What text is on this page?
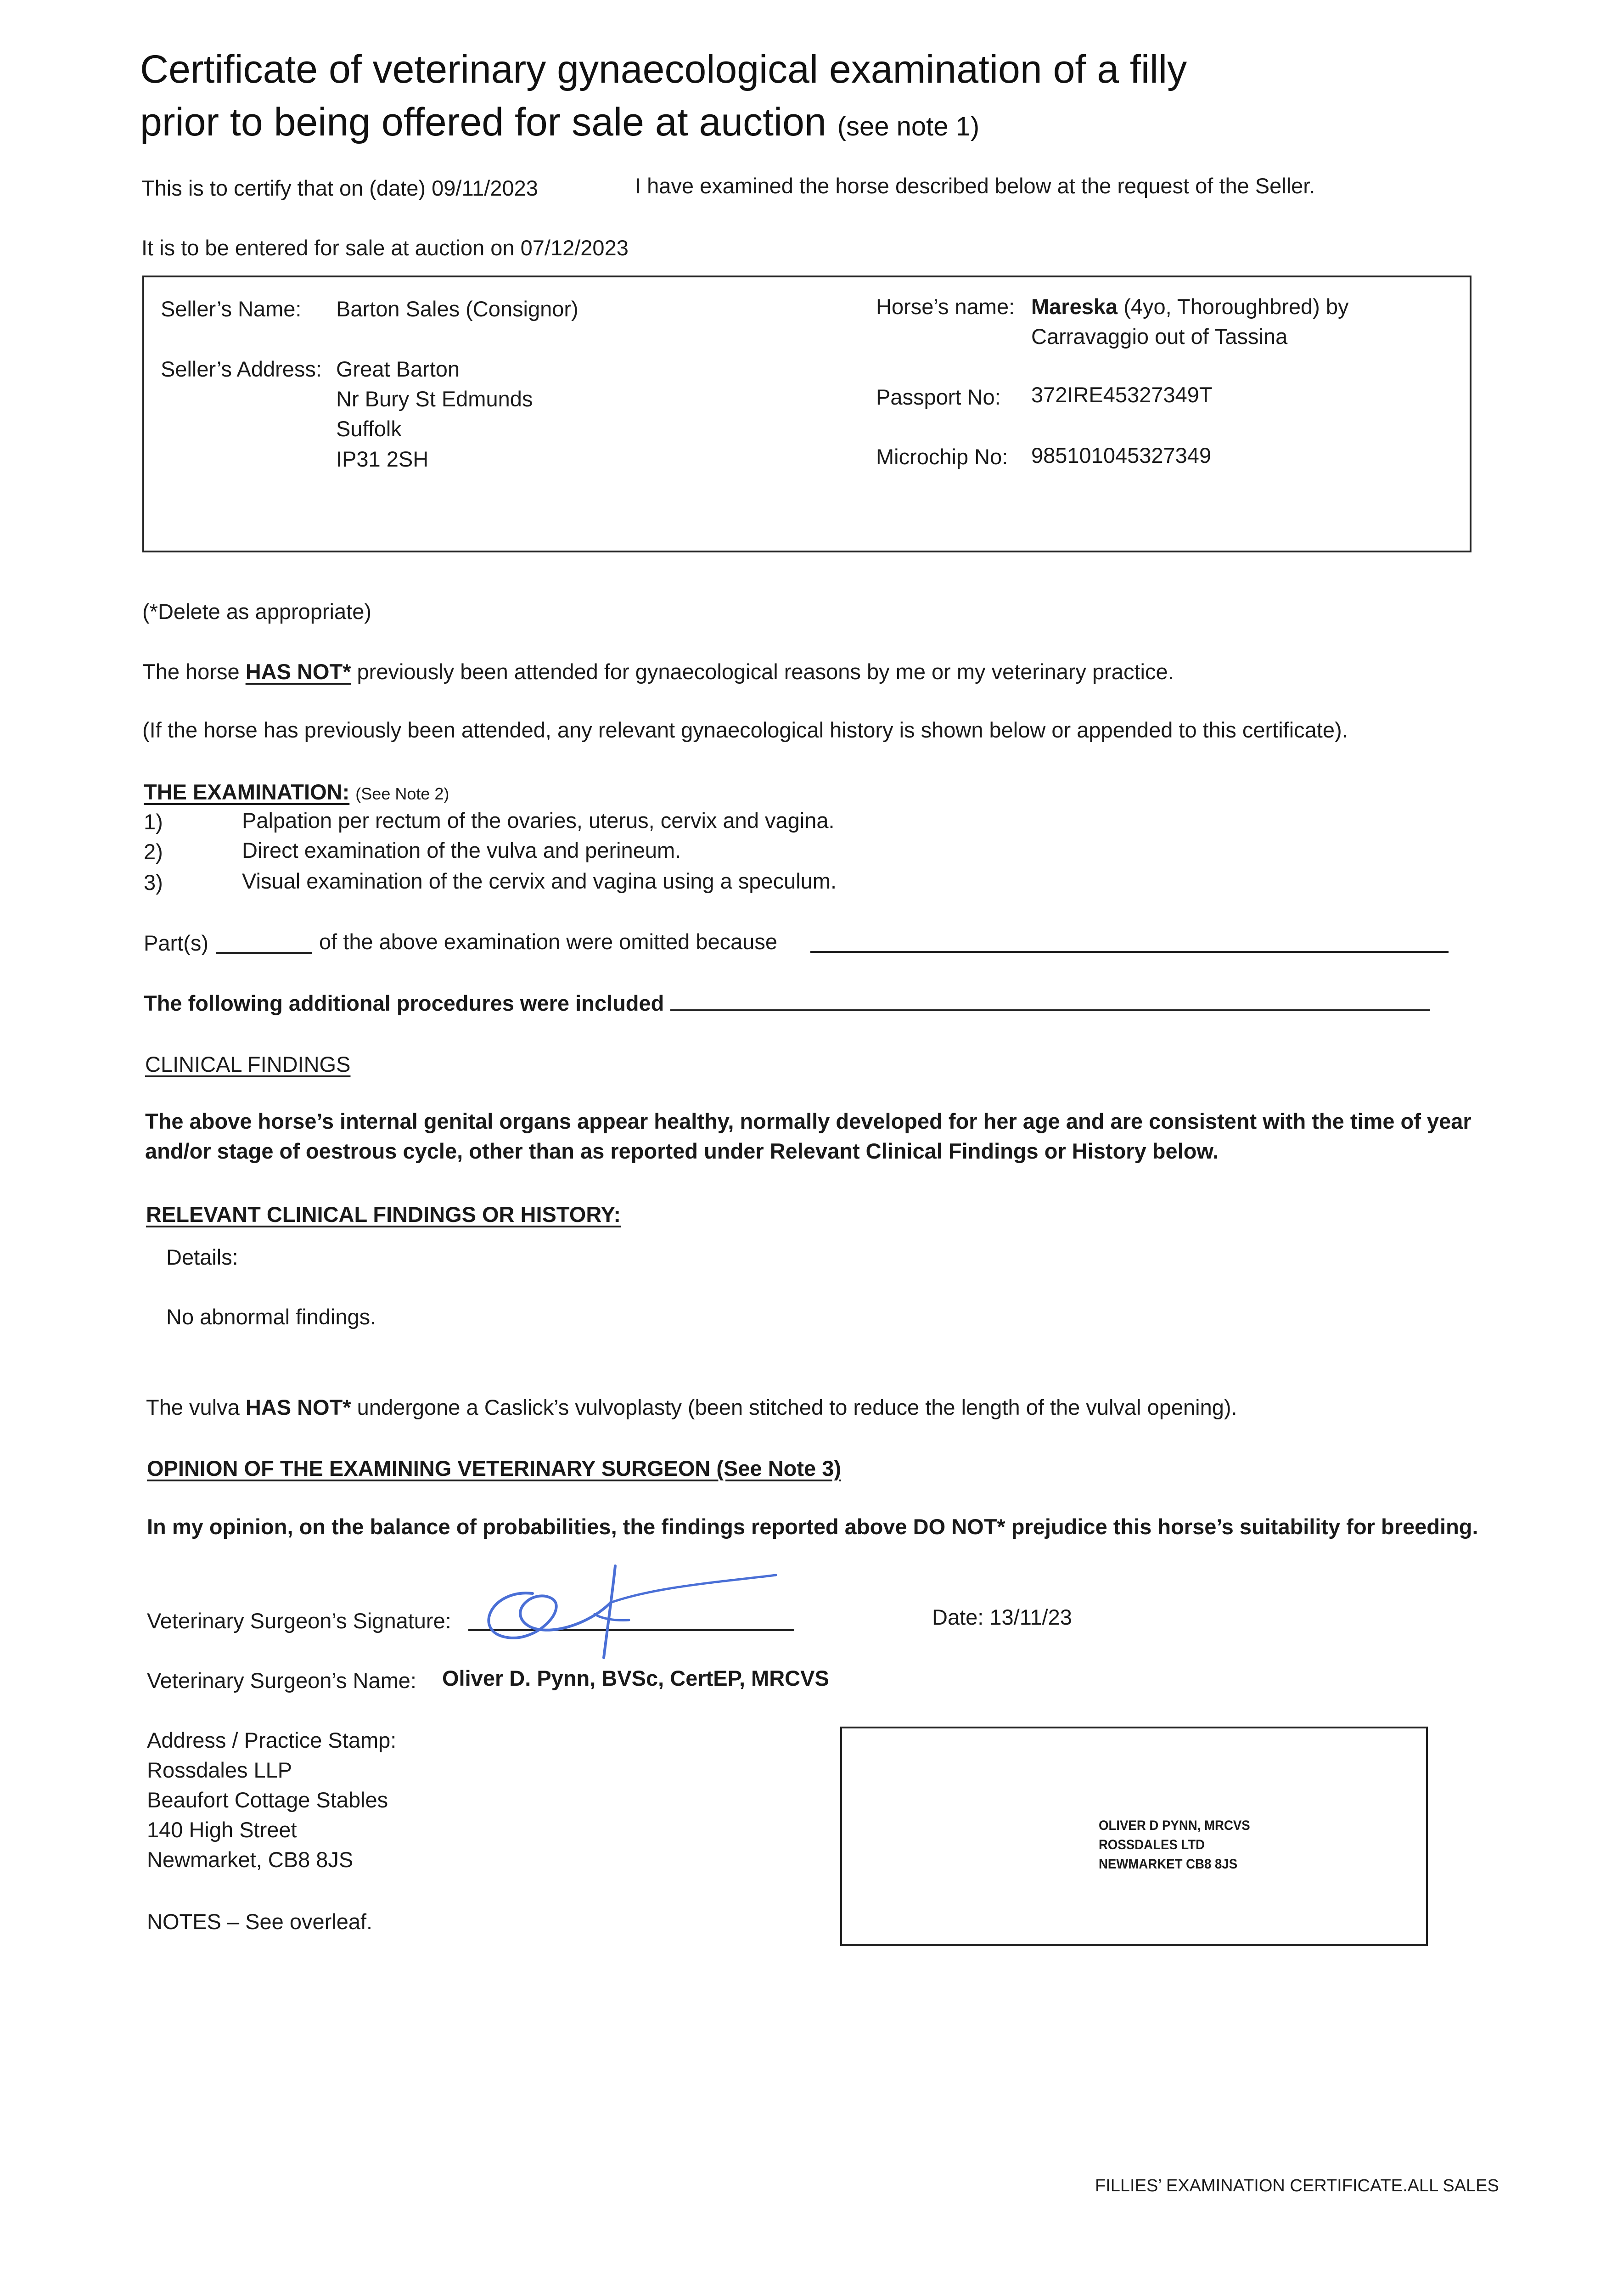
Certificate of veterinary gynaecological examination of a filly
prior to being offered for sale at auction (see note 1)
This is to certify that on (date) 09/11/2023	I have examined the horse described below at the request of the Seller.
It is to be entered for sale at auction on 07/12/2023
Seller’s Name: Barton Sales (Consignor)
Seller’s Address: Great Barton
Nr Bury St Edmunds
Suffolk
IP31 2SH
Horse’s name: Mareska (4yo, Thoroughbred) by
Carravaggio out of Tassina
Passport No: 372IRE45327349T
Microchip No: 985101045327349
(*Delete as appropriate)
The horse HAS NOT* previously been attended for gynaecological reasons by me or my veterinary practice.
(If the horse has previously been attended, any relevant gynaecological history is shown below or appended to this certificate).
THE EXAMINATION: (See Note 2)
1)	Palpation per rectum of the ovaries, uterus, cervix and vagina.
2)	Direct examination of the vulva and perineum.
3)	Visual examination of the cervix and vagina using a speculum.
Part(s)	of the above examination were omitted because
The following additional procedures were included
CLINICAL FINDINGS
The above horse’s internal genital organs appear healthy, normally developed for her age and are consistent with the time of year
and/or stage of oestrous cycle, other than as reported under Relevant Clinical Findings or History below.
RELEVANT CLINICAL FINDINGS OR HISTORY:
Details:
No abnormal findings.
The vulva HAS NOT* undergone a Caslick’s vulvoplasty (been stitched to reduce the length of the vulval opening).
OPINION OF THE EXAMINING VETERINARY SURGEON (See Note 3)
In my opinion, on the balance of probabilities, the findings reported above DO NOT* prejudice this horse’s suitability for breeding.
Veterinary Surgeon’s Signature:	Date: 13/11/23
Veterinary Surgeon’s Name: Oliver D. Pynn, BVSc, CertEP, MRCVS
Address / Practice Stamp:
Rossdales LLP
Beaufort Cottage Stables
140 High Street
Newmarket, CB8 8JS
OLIVER D PYNN, MRCVS
ROSSDALES LTD
NEWMARKET CB8 8JS
NOTES – See overleaf.
FILLIES’ EXAMINATION CERTIFICATE.ALL SALES
